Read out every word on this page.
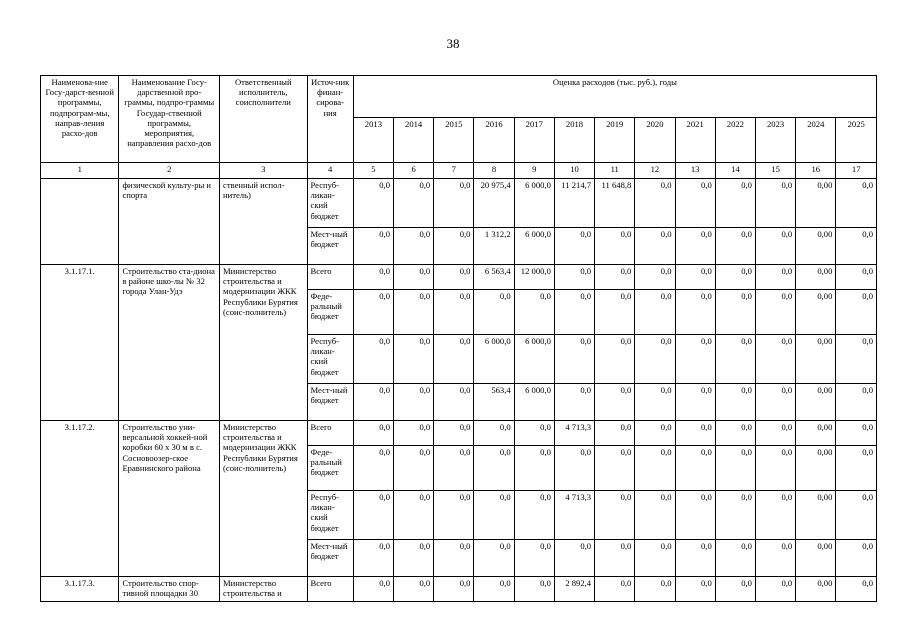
38
Наименова-ние Госу-дарст-венной программы, подпрограм-мы, направ-ления расхо-дов	Наименование Госу-дарственной про-граммы, подпро-граммы Государ-ственной программы, мероприятия, направления расхо-дов	Ответственный исполнитель, соисполнители	Источ-ник финан-сирова-ния	Оценка расходов (тыс. руб.), годы												
				2013	2014	2015	2016	2017	2018	2019	2020	2021	2022	2023	2024	2025
1	2	3	4	5	6	7	8	9	10	11	12	13	14	15	16	17
	физической культу-ры и спорта	ственный испол-нитель)	Респуб-ликан-ский бюджет	0,0	0,0	0,0	20 975,4	6 000,0	11 214,7	11 648,8	0,0	0,0	0,0	0,0	0,00	0,0
			Мест-ный бюджет	0,0	0,0	0,0	1 312,2	6 000,0	0,0	0,0	0,0	0,0	0,0	0,0	0,00	0,0
3.1.17.1.	Строительство ста-диона в районе шко-лы № 32 города Улан-Удэ	Министерство строительства и модернизации ЖКК Республики Бурятия (соис-полнитель)	Всего	0,0	0,0	0,0	6 563,4	12 000,0	0,0	0,0	0,0	0,0	0,0	0,0	0,00	0,0
			Феде-ральный бюджет	0,0	0,0	0,0	0,0	0,0	0,0	0,0	0,0	0,0	0,0	0,0	0,00	0,0
			Респуб-ликан-ский бюджет	0,0	0,0	0,0	6 000,0	6 000,0	0,0	0,0	0,0	0,0	0,0	0,0	0,00	0,0
			Мест-ный бюджет	0,0	0,0	0,0	563,4	6 000,0	0,0	0,0	0,0	0,0	0,0	0,0	0,00	0,0
3.1.17.2.	Строительство уни-версальной хоккей-ной коробки 60 х 30 м в с. Сосновоозер-ское Еравнинского района	Министерство строительства и модернизации ЖКК Республики Бурятия (соис-полнитель)	Всего	0,0	0,0	0,0	0,0	0,0	4 713,3	0,0	0,0	0,0	0,0	0,0	0,00	0,0
			Феде-ральный бюджет	0,0	0,0	0,0	0,0	0,0	0,0	0,0	0,0	0,0	0,0	0,0	0,00	0,0
			Респуб-ликан-ский бюджет	0,0	0,0	0,0	0,0	0,0	4 713,3	0,0	0,0	0,0	0,0	0,0	0,00	0,0
			Мест-ный бюджет	0,0	0,0	0,0	0,0	0,0	0,0	0,0	0,0	0,0	0,0	0,0	0,00	0,0
3.1.17.3.	Строительство спор-тивной площадки 30	Министерство строительства и	Всего	0,0	0,0	0,0	0,0	0,0	2 892,4	0,0	0,0	0,0	0,0	0,0	0,00	0,0
